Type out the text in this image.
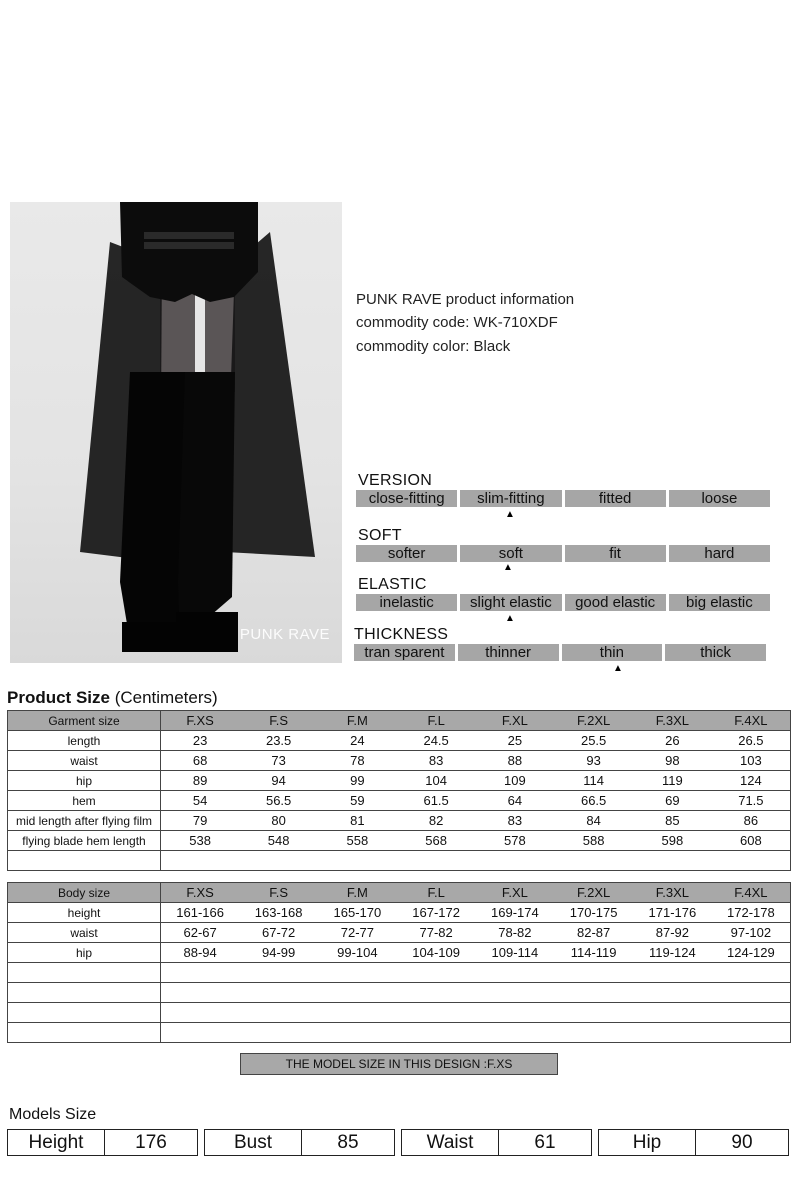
PUNK RAVE
PUNK RAVE product information
commodity code: WK-710XDF
commodity color: Black
VERSION
close-fitting	slim-fitting	fitted	loose
▲
SOFT
softer	soft	fit	hard
▲
ELASTIC
inelastic	slight elastic	good elastic	big elastic
▲
THICKNESS
tran sparent	thinner	thin	thick
▲
Product Size (Centimeters)
Garment size	F.XS	F.S	F.M	F.L	F.XL	F.2XL	F.3XL	F.4XL
length	23	23.5	24	24.5	25	25.5	26	26.5
waist	68	73	78	83	88	93	98	103
hip	89	94	99	104	109	114	119	124
hem	54	56.5	59	61.5	64	66.5	69	71.5
mid length after flying film	79	80	81	82	83	84	85	86
flying blade hem length	538	548	558	568	578	588	598	608

Body size	F.XS	F.S	F.M	F.L	F.XL	F.2XL	F.3XL	F.4XL
height	161-166	163-168	165-170	167-172	169-174	170-175	171-176	172-178
waist	62-67	67-72	72-77	77-82	78-82	82-87	87-92	97-102
hip	88-94	94-99	99-104	104-109	109-114	114-119	119-124	124-129

THE MODEL SIZE IN THIS DESIGN :F.XS
Models Size
Height	176	Bust	85	Waist	61	Hip	90
